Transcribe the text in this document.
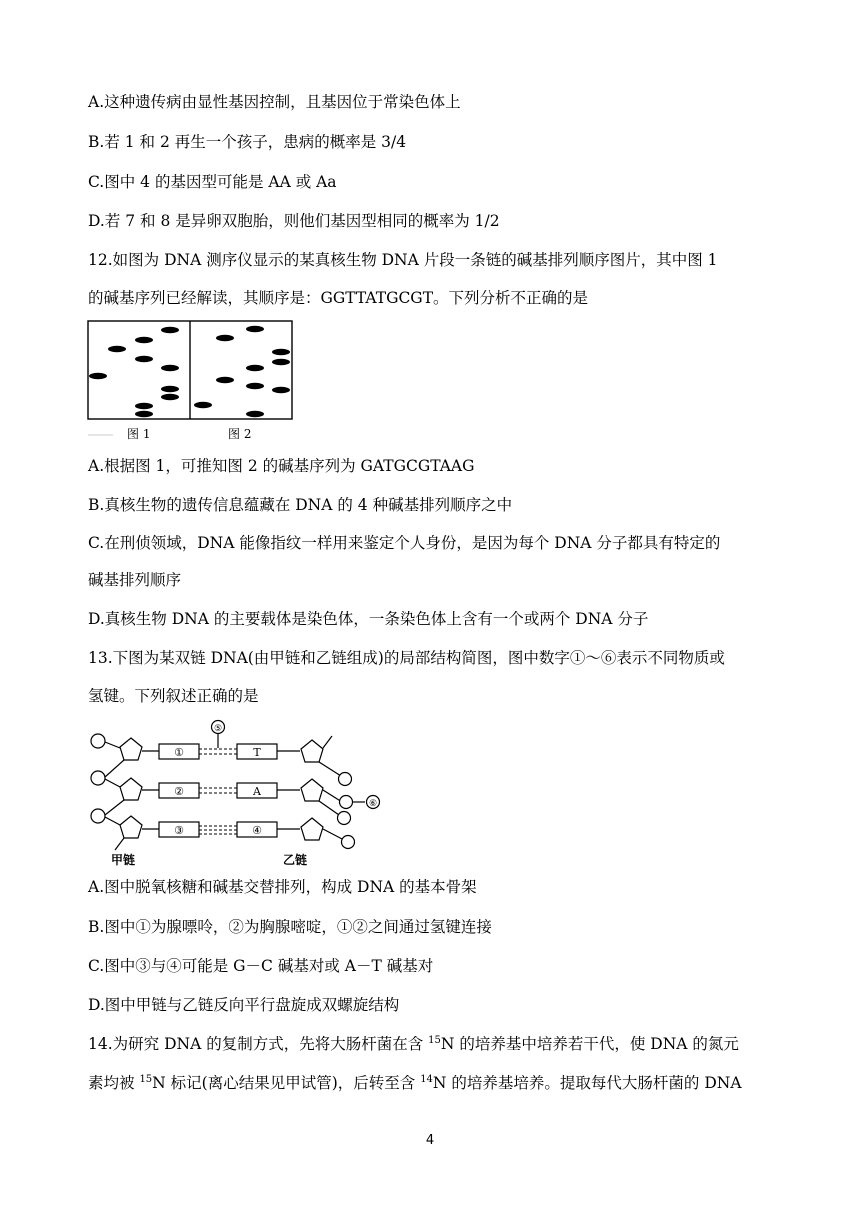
A.这种遗传病由显性基因控制，且基因位于常染色体上
B.若 1 和 2 再生一个孩子，患病的概率是 3/4
C.图中 4 的基因型可能是 AA 或 Aa
D.若 7 和 8 是异卵双胞胎，则他们基因型相同的概率为 1/2
12.如图为 DNA 测序仪显示的某真核生物 DNA 片段一条链的碱基排列顺序图片，其中图 1
的碱基序列已经解读，其顺序是：GGTTATGCGT。下列分析不正确的是
图 1	图 2
A.根据图 1，可推知图 2 的碱基序列为 GATGCGTAAG
B.真核生物的遗传信息蕴藏在 DNA 的 4 种碱基排列顺序之中
C.在刑侦领域，DNA 能像指纹一样用来鉴定个人身份，是因为每个 DNA 分子都具有特定的
碱基排列顺序
D.真核生物 DNA 的主要载体是染色体，一条染色体上含有一个或两个 DNA 分子
13.下图为某双链 DNA(由甲链和乙链组成)的局部结构简图，图中数字①～⑥表示不同物质或
氢键。下列叙述正确的是
①
②
③
T
A
④
⑤
⑥
甲链	乙链
A.图中脱氧核糖和碱基交替排列，构成 DNA 的基本骨架
B.图中①为腺嘌呤，②为胸腺嘧啶，①②之间通过氢键连接
C.图中③与④可能是 G－C 碱基对或 A－T 碱基对
D.图中甲链与乙链反向平行盘旋成双螺旋结构
14.为研究 DNA 的复制方式，先将大肠杆菌在含 $^{15}$N 的培养基中培养若干代，使 DNA 的氮元
素均被 $^{15}$N 标记(离心结果见甲试管)，后转至含 $^{14}$N 的培养基培养。提取每代大肠杆菌的 DNA
4
